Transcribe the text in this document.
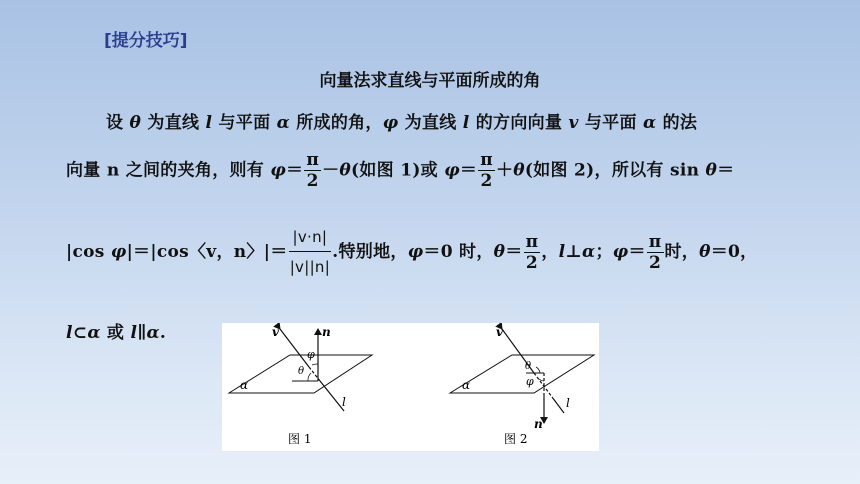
[提分技巧]
向量法求直线与平面所成的角
设 θ 为直线 l 与平面 α 所成的角，φ 为直线 l 的方向向量 v 与平面 α 的法
向量 n 之间的夹角，则有 $\varphi= \frac{\pi}{2} -\theta$(如图 1)或 $\varphi= \frac{\pi}{2} +\theta$(如图 2)，所以有 sin θ＝
|cos φ|＝|cos〈v，n〉|＝ $\frac{|v\cdot n|}{|v||n|}$ .特别地，φ＝0 时，$\theta= \frac{\pi}{2}$ ，l⊥α；$\varphi= \frac{\pi}{2}$ 时，θ＝0，
l⊂α 或 l∥α.	v	n
φ
θ
α
l
图 1
v
θ
φ
α
l
n
图 2
